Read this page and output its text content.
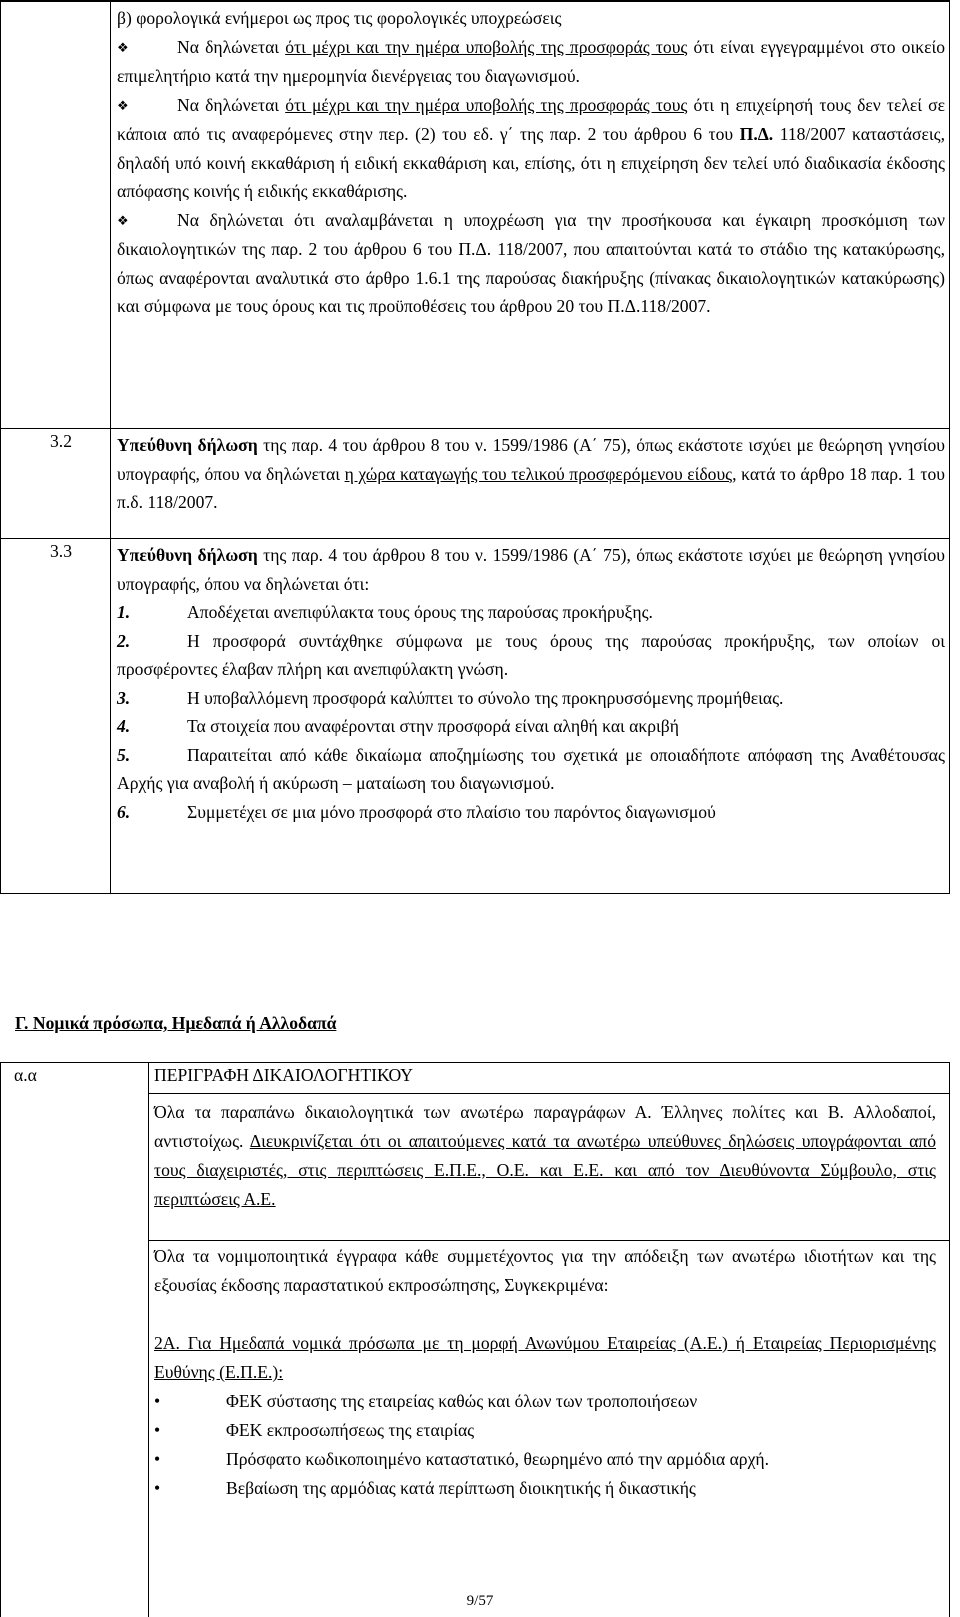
β) φορολογικά ενήμεροι ως προς τις φορολογικές υποχρεώσεις

❖	Να δηλώνεται ότι μέχρι και την ημέρα υποβολής της προσφοράς τους ότι είναι εγγεγραμμένοι στο οικείο επιμελητήριο κατά την ημερομηνία διενέργειας του διαγωνισμού.

❖	Να δηλώνεται ότι μέχρι και την ημέρα υποβολής της προσφοράς τους ότι η επιχείρησή τους δεν τελεί σε κάποια από τις αναφερόμενες στην περ. (2) του εδ. γ΄ της παρ. 2 του άρθρου 6 του Π.Δ. 118/2007 καταστάσεις, δηλαδή υπό κοινή εκκαθάριση ή ειδική εκκαθάριση και, επίσης, ότι η επιχείρηση δεν τελεί υπό διαδικασία έκδοσης απόφασης κοινής ή ειδικής εκκαθάρισης.

❖	Να δηλώνεται ότι αναλαμβάνεται η υποχρέωση για την προσήκουσα και έγκαιρη προσκόμιση των δικαιολογητικών της παρ. 2 του άρθρου 6 του Π.Δ. 118/2007, που απαιτούνται κατά το στάδιο της κατακύρωσης, όπως αναφέρονται αναλυτικά στο άρθρο 1.6.1 της παρούσας διακήρυξης (πίνακας δικαιολογητικών κατακύρωσης) και σύμφωνα με τους όρους και τις προϋποθέσεις του άρθρου 20 του Π.Δ.118/2007.

3.2	Υπεύθυνη δήλωση της παρ. 4 του άρθρου 8 του ν. 1599/1986 (Α΄ 75), όπως εκάστοτε ισχύει με θεώρηση γνησίου υπογραφής, όπου να δηλώνεται η χώρα καταγωγής του τελικού προσφερόμενου είδους, κατά το άρθρο 18 παρ. 1 του π.δ. 118/2007.

3.3	Υπεύθυνη δήλωση της παρ. 4 του άρθρου 8 του ν. 1599/1986 (Α΄ 75), όπως εκάστοτε ισχύει με θεώρηση γνησίου υπογραφής, όπου να δηλώνεται ότι:

1.	Αποδέχεται ανεπιφύλακτα τους όρους της παρούσας προκήρυξης.

2.	Η προσφορά συντάχθηκε σύμφωνα με τους όρους της παρούσας προκήρυξης, των οποίων οι προσφέροντες έλαβαν πλήρη και ανεπιφύλακτη γνώση.

3.	Η υποβαλλόμενη προσφορά καλύπτει το σύνολο της προκηρυσσόμενης προμήθειας.

4.	Τα στοιχεία που αναφέρονται στην προσφορά είναι αληθή και ακριβή

5.	Παραιτείται από κάθε δικαίωμα αποζημίωσης του σχετικά με οποιαδήποτε απόφαση της Αναθέτουσας Αρχής για αναβολή ή ακύρωση – ματαίωση του διαγωνισμού.

6.	Συμμετέχει σε μια μόνο προσφορά στο πλαίσιο του παρόντος διαγωνισμού

Γ. Νομικά πρόσωπα, Ημεδαπά ή Αλλοδαπά
α.α	ΠΕΡΙΓΡΑΦΗ ΔΙΚΑΙΟΛΟΓΗΤΙΚΟΥ

Όλα τα παραπάνω δικαιολογητικά των ανωτέρω παραγράφων Α. Έλληνες πολίτες και Β. Αλλοδαποί, αντιστοίχως. Διευκρινίζεται ότι οι απαιτούμενες κατά τα ανωτέρω υπεύθυνες δηλώσεις υπογράφονται από τους διαχειριστές, στις περιπτώσεις Ε.Π.Ε., Ο.Ε. και Ε.Ε. και από τον Διευθύνοντα Σύμβουλο, στις περιπτώσεις Α.Ε.

Όλα τα νομιμοποιητικά έγγραφα κάθε συμμετέχοντος για την απόδειξη των ανωτέρω ιδιοτήτων και της εξουσίας έκδοσης παραστατικού εκπροσώπησης, Συγκεκριμένα:

2Α. Για Ημεδαπά νομικά πρόσωπα με τη μορφή Ανωνύμου Εταιρείας (Α.Ε.) ή Εταιρείας Περιορισμένης Ευθύνης (Ε.Π.Ε.):

•	ΦΕΚ σύστασης της εταιρείας καθώς και όλων των τροποποιήσεων
•	ΦΕΚ εκπροσωπήσεως της εταιρίας
•	Πρόσφατο κωδικοποιημένο καταστατικό, θεωρημένο από την αρμόδια αρχή.
•	Βεβαίωση της αρμόδιας κατά περίπτωση διοικητικής ή δικαστικής
9/57
